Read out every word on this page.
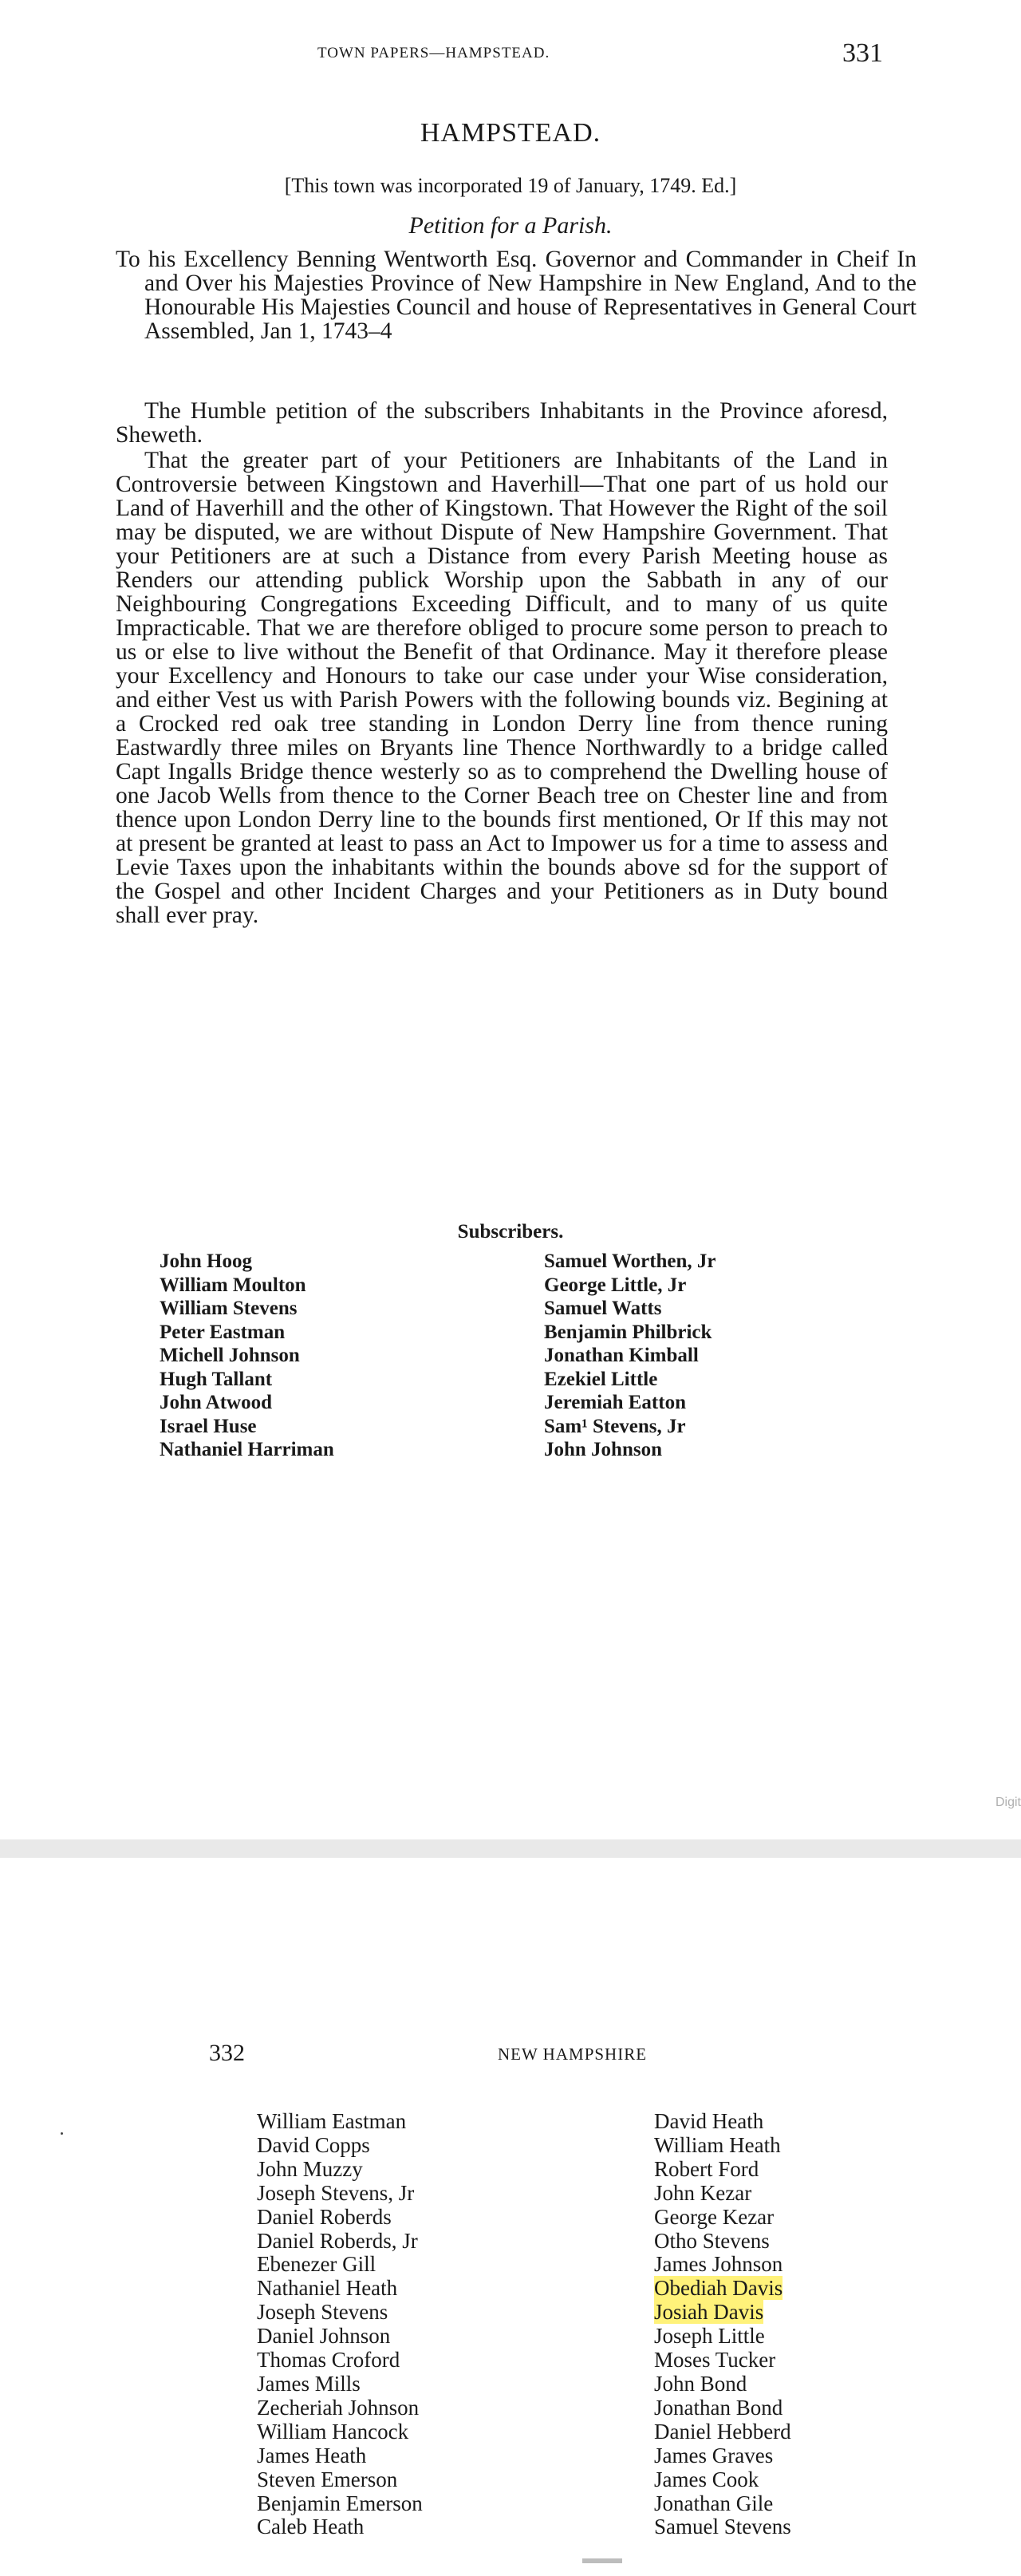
TOWN PAPERS—HAMPSTEAD.	331
HAMPSTEAD.
[This town was incorporated 19 of January, 1749. Ed.]
Petition for a Parish.
To his Excellency Benning Wentworth Esq. Governor and Commander in Cheif In and Over his Majesties Province of New Hampshire in New England, And to the Honourable His Majesties Council and house of Representatives in General Court Assembled, Jan 1, 1743–4
The Humble petition of the subscribers Inhabitants in the Province aforesd, Sheweth.
That the greater part of your Petitioners are Inhabitants of the Land in Controversie between Kingstown and Haverhill—That one part of us hold our Land of Haverhill and the other of Kingstown. That However the Right of the soil may be disputed, we are without Dispute of New Hampshire Government. That your Petitioners are at such a Distance from every Parish Meeting house as Renders our attending publick Worship upon the Sabbath in any of our Neighbouring Congregations Exceeding Difficult, and to many of us quite Impracticable. That we are therefore obliged to procure some person to preach to us or else to live without the Benefit of that Ordinance. May it therefore please your Excellency and Honours to take our case under your Wise consideration, and either Vest us with Parish Powers with the following bounds viz. Begining at a Crocked red oak tree standing in London Derry line from thence runing Eastwardly three miles on Bryants line Thence Northwardly to a bridge called Capt Ingalls Bridge thence westerly so as to comprehend the Dwelling house of one Jacob Wells from thence to the Corner Beach tree on Chester line and from thence upon London Derry line to the bounds first mentioned, Or If this may not at present be granted at least to pass an Act to Impower us for a time to assess and Levie Taxes upon the inhabitants within the bounds above sd for the support of the Gospel and other Incident Charges and your Petitioners as in Duty bound shall ever pray.
Subscribers.
John Hoog
William Moulton
William Stevens
Peter Eastman
Michell Johnson
Hugh Tallant
John Atwood
Israel Huse
Nathaniel Harriman
Samuel Worthen, Jr
George Little, Jr
Samuel Watts
Benjamin Philbrick
Jonathan Kimball
Ezekiel Little
Jeremiah Eatton
Sam¹ Stevens, Jr
John Johnson
Digit
332	NEW HAMPSHIRE
William Eastman
David Copps
John Muzzy
Joseph Stevens, Jr
Daniel Roberds
Daniel Roberds, Jr
Ebenezer Gill
Nathaniel Heath
Joseph Stevens
Daniel Johnson
Thomas Croford
James Mills
Zecheriah Johnson
William Hancock
James Heath
Steven Emerson
Benjamin Emerson
Caleb Heath
David Heath
William Heath
Robert Ford
John Kezar
George Kezar
Otho Stevens
James Johnson
Obediah Davis
Josiah Davis
Joseph Little
Moses Tucker
John Bond
Jonathan Bond
Daniel Hebberd
James Graves
James Cook
Jonathan Gile
Samuel Stevens
